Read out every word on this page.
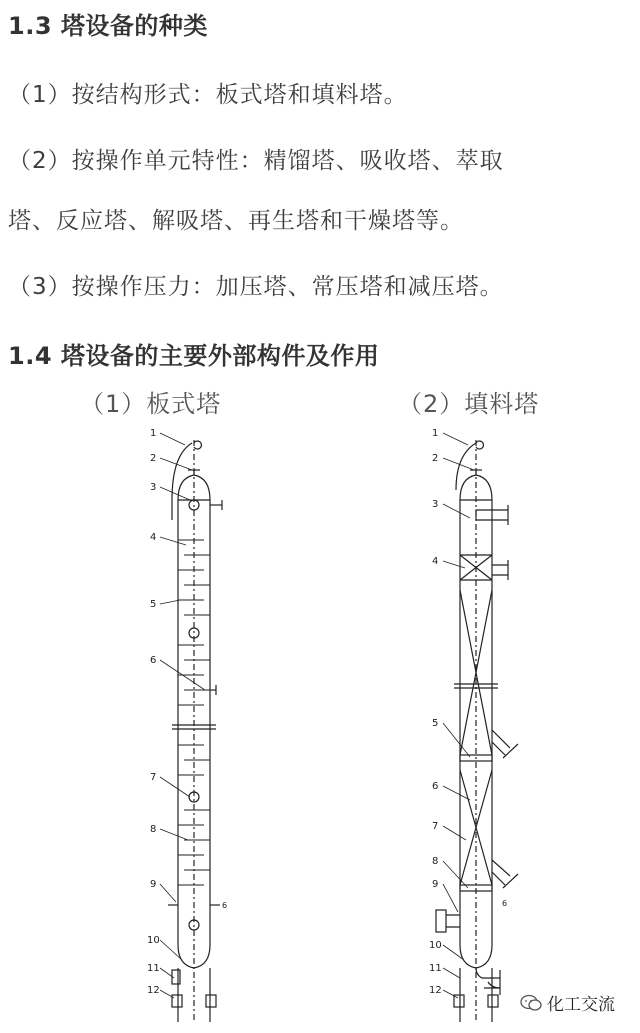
1.3 塔设备的种类
（1）按结构形式：板式塔和填料塔。
（2）按操作单元特性：精馏塔、吸收塔、萃取
塔、反应塔、解吸塔、再生塔和干燥塔等。
（3）按操作压力：加压塔、常压塔和减压塔。
1.4 塔设备的主要外部构件及作用
（1）板式塔	（2）填料塔
1
2
3
4
5
6
7
8
9
10
11
12
6
1
2
3
4
5
6
7
8
9
10
11
12
6
化工交流
